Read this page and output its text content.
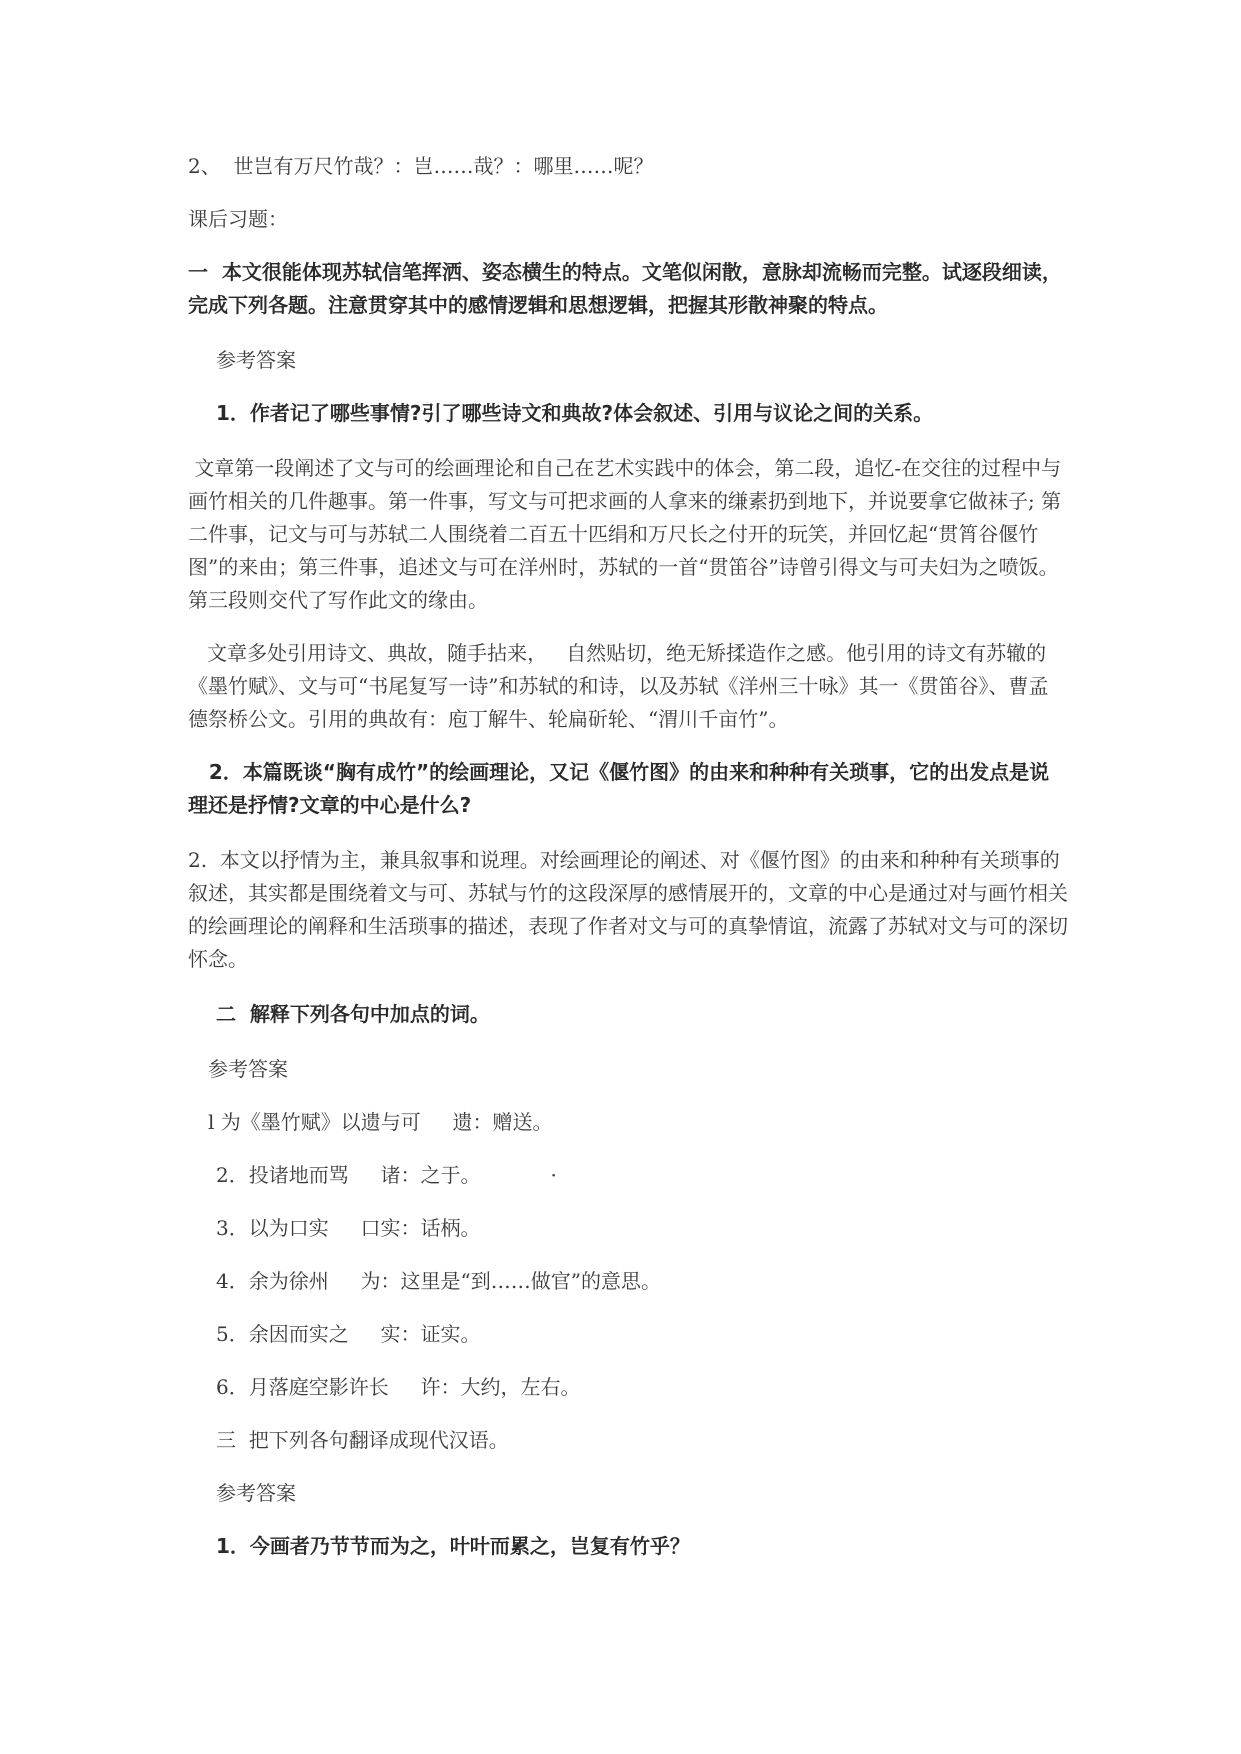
2、  世岂有万尺竹哉？：岂……哉？：哪里……呢？

课后习题：

一  本文很能体现苏轼信笔挥洒、姿态横生的特点。文笔似闲散，意脉却流畅而完整。试逐段细读，完成下列各题。注意贯穿其中的感情逻辑和思想逻辑，把握其形散神聚的特点。

参考答案

1．作者记了哪些事情?引了哪些诗文和典故?体会叙述、引用与议论之间的关系。

文章第一段阐述了文与可的绘画理论和自己在艺术实践中的体会，第二段，追忆-在交往的过程中与画竹相关的几件趣事。第一件事，写文与可把求画的人拿来的缣素扔到地下，并说要拿它做袜子; 第二件事，记文与可与苏轼二人围绕着二百五十匹绢和万尺长之付开的玩笑，并回忆起“贯筲谷偃竹图”的来由；第三件事，追述文与可在洋州时，苏轼的一首“贯笛谷”诗曾引得文与可夫妇为之喷饭。第三段则交代了写作此文的缘由。

文章多处引用诗文、典故，随手拈来，   自然贴切，绝无矫揉造作之感。他引用的诗文有苏辙的《墨竹赋》、文与可“书尾复写一诗”和苏轼的和诗，以及苏轼《洋州三十咏》其一《贯笛谷》、曹孟德祭桥公文。引用的典故有：庖丁解牛、轮扁斫轮、“渭川千亩竹”。

2．本篇既谈“胸有成竹”的绘画理论，又记《偃竹图》的由来和种种有关琐事，它的出发点是说理还是抒情?文章的中心是什么?

2.  本文以抒情为主，兼具叙事和说理。对绘画理论的阐述、对《偃竹图》的由来和种种有关琐事的叙述，其实都是围绕着文与可、苏轼与竹的这段深厚的感情展开的，文章的中心是通过对与画竹相关的绘画理论的阐释和生活琐事的描述，表现了作者对文与可的真挚情谊，流露了苏轼对文与可的深切怀念。

二  解释下列各句中加点的词。

参考答案

l 为《墨竹赋》以遗与可     遗：赠送。

2．投诸地而骂     诸：之于。	·

3．以为口实     口实：话柄。

4．余为徐州     为：这里是“到……做官”的意思。

5．余因而实之     实：证实。

6．月落庭空影许长     许：大约，左右。

三  把下列各句翻译成现代汉语。

参考答案

1．今画者乃节节而为之，叶叶而累之，岂复有竹乎？
